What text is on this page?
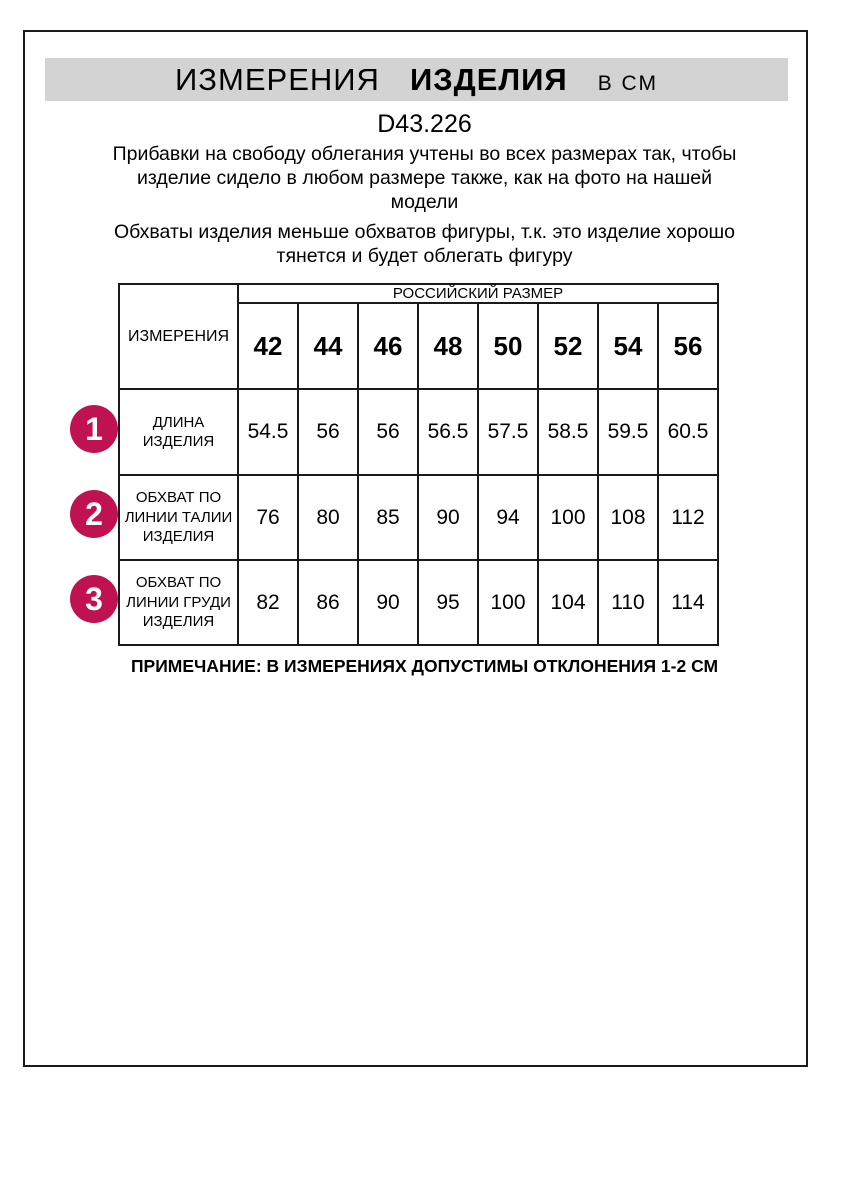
ИЗМЕРЕНИЯ ИЗДЕЛИЯ В СМ
D43.226

Прибавки на свободу облегания учтены во всех размерах так, чтобы изделие сидело в любом размере также, как на фото на нашей модели

Обхваты изделия меньше обхватов фигуры, т.к. это изделие хорошо тянется и будет облегать фигуру

ИЗМЕРЕНИЯ	РОССИЙСКИЙ РАЗМЕР							
	42	44	46	48	50	52	54	56
ДЛИНА ИЗДЕЛИЯ	54.5	56	56	56.5	57.5	58.5	59.5	60.5
ОБХВАТ ПО ЛИНИИ ТАЛИИ ИЗДЕЛИЯ	76	80	85	90	94	100	108	112
ОБХВАТ ПО ЛИНИИ ГРУДИ ИЗДЕЛИЯ	82	86	90	95	100	104	110	114
1
2
3
ПРИМЕЧАНИЕ: В ИЗМЕРЕНИЯХ ДОПУСТИМЫ ОТКЛОНЕНИЯ 1-2 СМ
